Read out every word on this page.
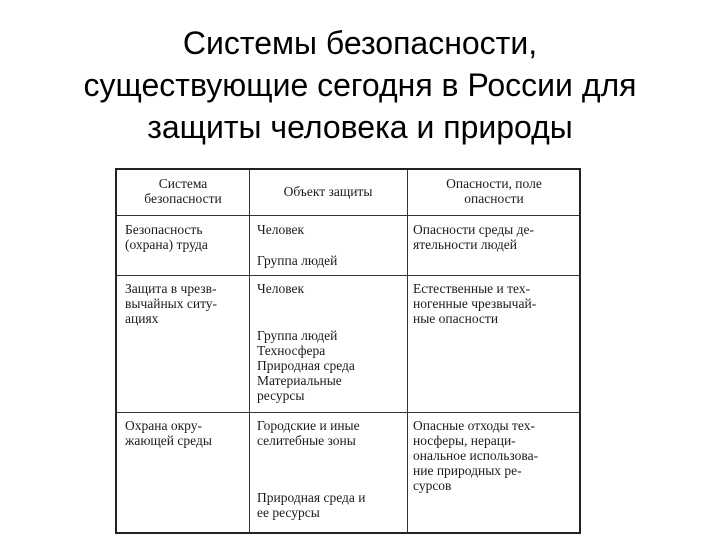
Системы безопасности,
существующие сегодня в России для
защиты человека и природы
Система
безопасности	Объект защиты
Опасности, поле
опасности
Безопасность
(охрана) труда
Человек
Группа людей
Опасности среды де-
ятельности людей
Защита в чрезв-
вычайных ситу-
ациях
Человек
Группа людей
Техносфера
Природная среда
Материальные
ресурсы
Естественные и тех-
ногенные чрезвычай-
ные опасности
Охрана окру-
жающей среды
Городские и иные
селитебные зоны
Природная среда и
ее ресурсы
Опасные отходы тех-
носферы, нераци-
ональное использова-
ние природных ре-
сурсов
